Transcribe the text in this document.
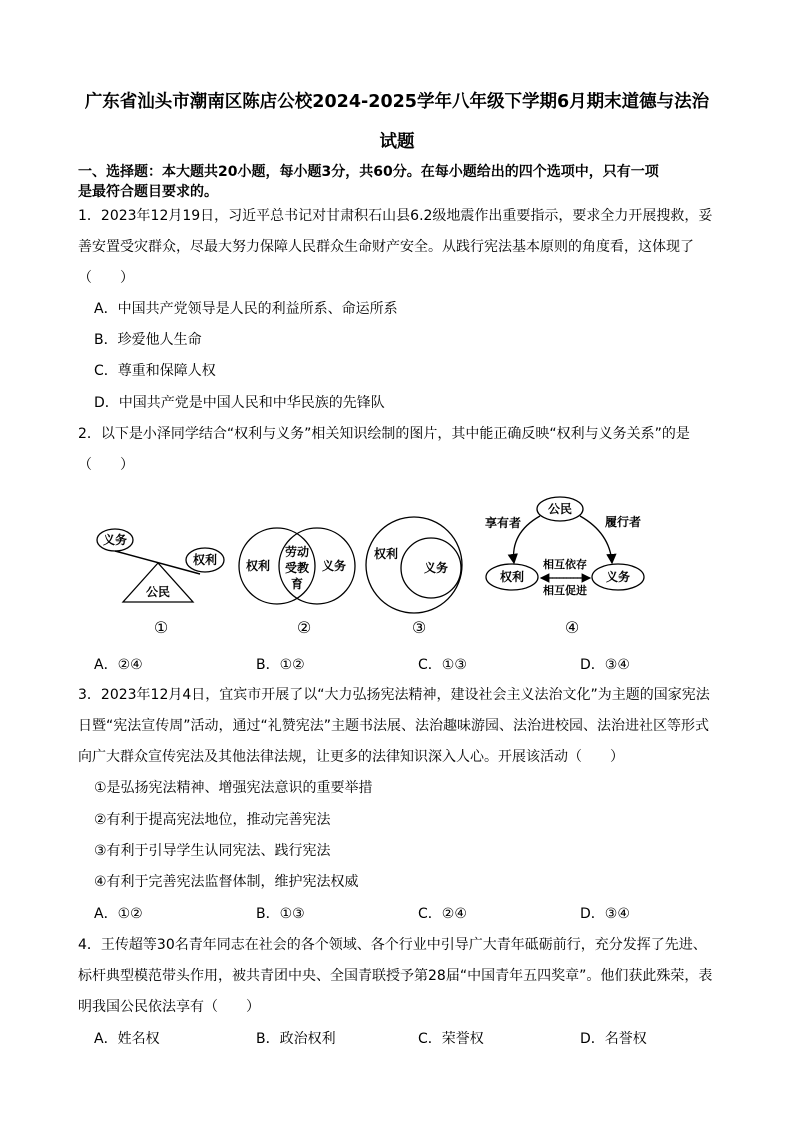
广东省汕头市潮南区陈店公校2024-2025学年八年级下学期6月期末道德与法治
试题
一、选择题：本大题共20小题，每小题3分，共60分。在每小题给出的四个选项中，只有一项
是最符合题目要求的。
1．2023年12月19日，习近平总书记对甘肃积石山县6.2级地震作出重要指示，要求全力开展搜救，妥
善安置受灾群众，尽最大努力保障人民群众生命财产安全。从践行宪法基本原则的角度看，这体现了
（　　）
A．中国共产党领导是人民的利益所系、命运所系
B．珍爱他人生命
C．尊重和保障人权
D．中国共产党是中国人民和中华民族的先锋队
2．以下是小泽同学结合“权利与义务”相关知识绘制的图片，其中能正确反映“权利与义务关系”的是
（　　）
义务
权利
公民
①
权利
劳动
受教
育
义务
②
权利
义务
③
公民
享有者	履行者
权利	义务
相互依存
相互促进
④
A．②④	B．①②	C．①③	D．③④
3．2023年12月4日，宜宾市开展了以“大力弘扬宪法精神，建设社会主义法治文化”为主题的国家宪法
日暨“宪法宣传周”活动，通过“礼赞宪法”主题书法展、法治趣味游园、法治进校园、法治进社区等形式
向广大群众宣传宪法及其他法律法规，让更多的法律知识深入人心。开展该活动（　　）
①是弘扬宪法精神、增强宪法意识的重要举措
②有利于提高宪法地位，推动完善宪法
③有利于引导学生认同宪法、践行宪法
④有利于完善宪法监督体制，维护宪法权威
A．①②	B．①③	C．②④	D．③④
4．王传超等30名青年同志在社会的各个领域、各个行业中引导广大青年砥砺前行，充分发挥了先进、
标杆典型模范带头作用，被共青团中央、全国青联授予第28届“中国青年五四奖章”。他们获此殊荣，表
明我国公民依法享有（　　）
A．姓名权	B．政治权利	C．荣誉权	D．名誉权
